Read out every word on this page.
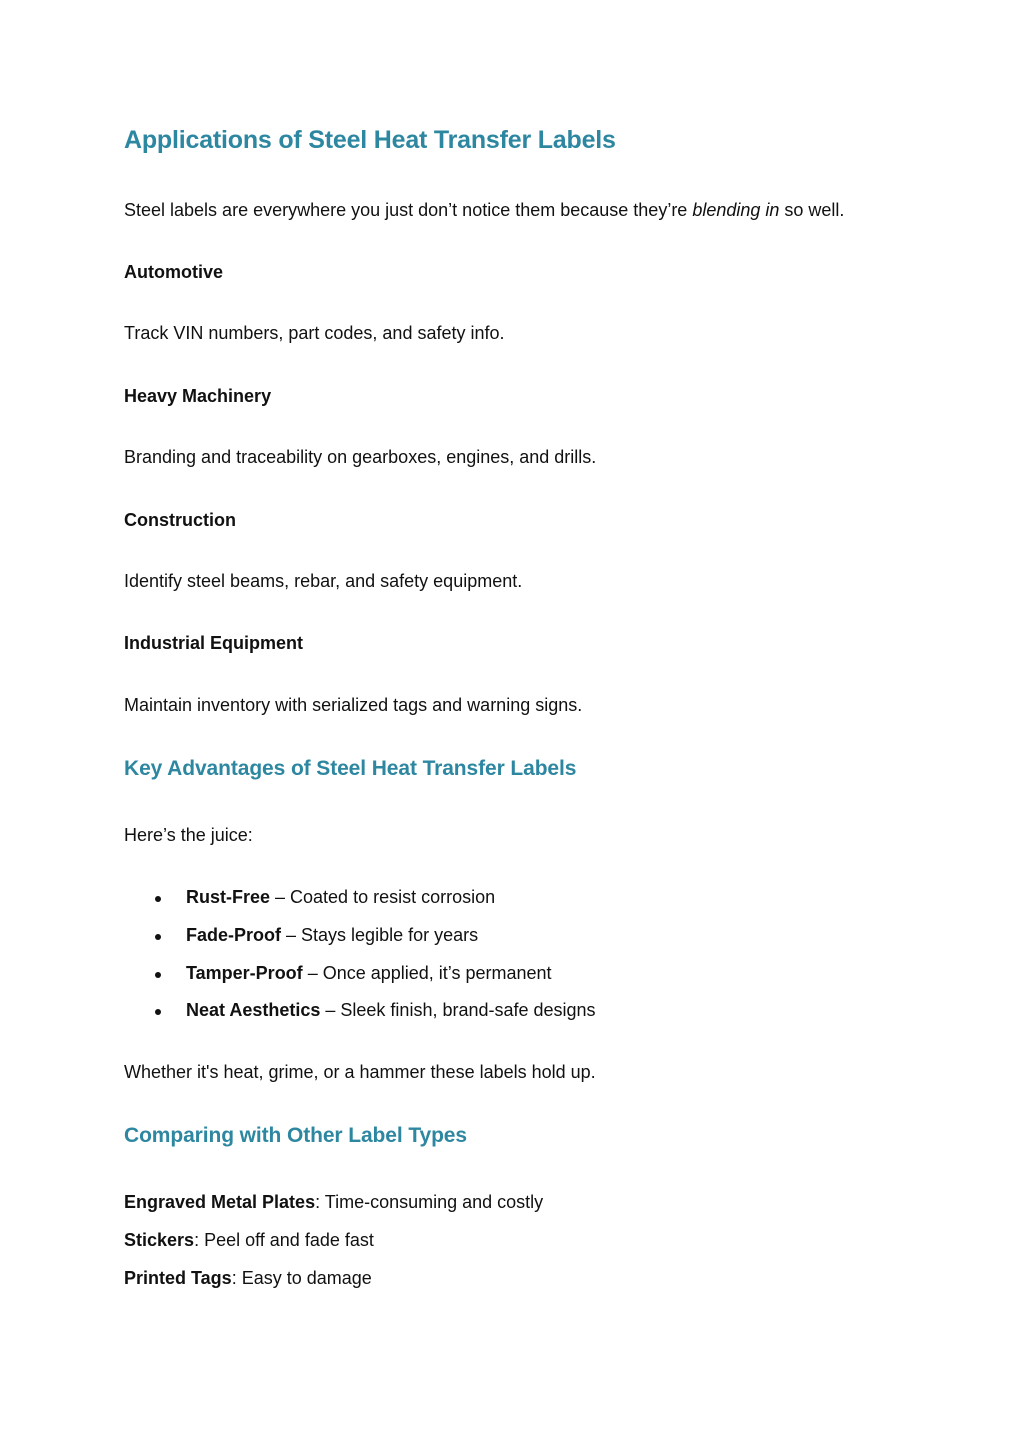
Applications of Steel Heat Transfer Labels

Steel labels are everywhere you just don’t notice them because they’re blending in so well.

Automotive

Track VIN numbers, part codes, and safety info.

Heavy Machinery

Branding and traceability on gearboxes, engines, and drills.

Construction

Identify steel beams, rebar, and safety equipment.

Industrial Equipment

Maintain inventory with serialized tags and warning signs.

Key Advantages of Steel Heat Transfer Labels

Here’s the juice:

Rust-Free – Coated to resist corrosion
Fade-Proof – Stays legible for years
Tamper-Proof – Once applied, it’s permanent
Neat Aesthetics – Sleek finish, brand-safe designs

Whether it's heat, grime, or a hammer these labels hold up.

Comparing with Other Label Types

Engraved Metal Plates: Time-consuming and costly

Stickers: Peel off and fade fast

Printed Tags: Easy to damage
